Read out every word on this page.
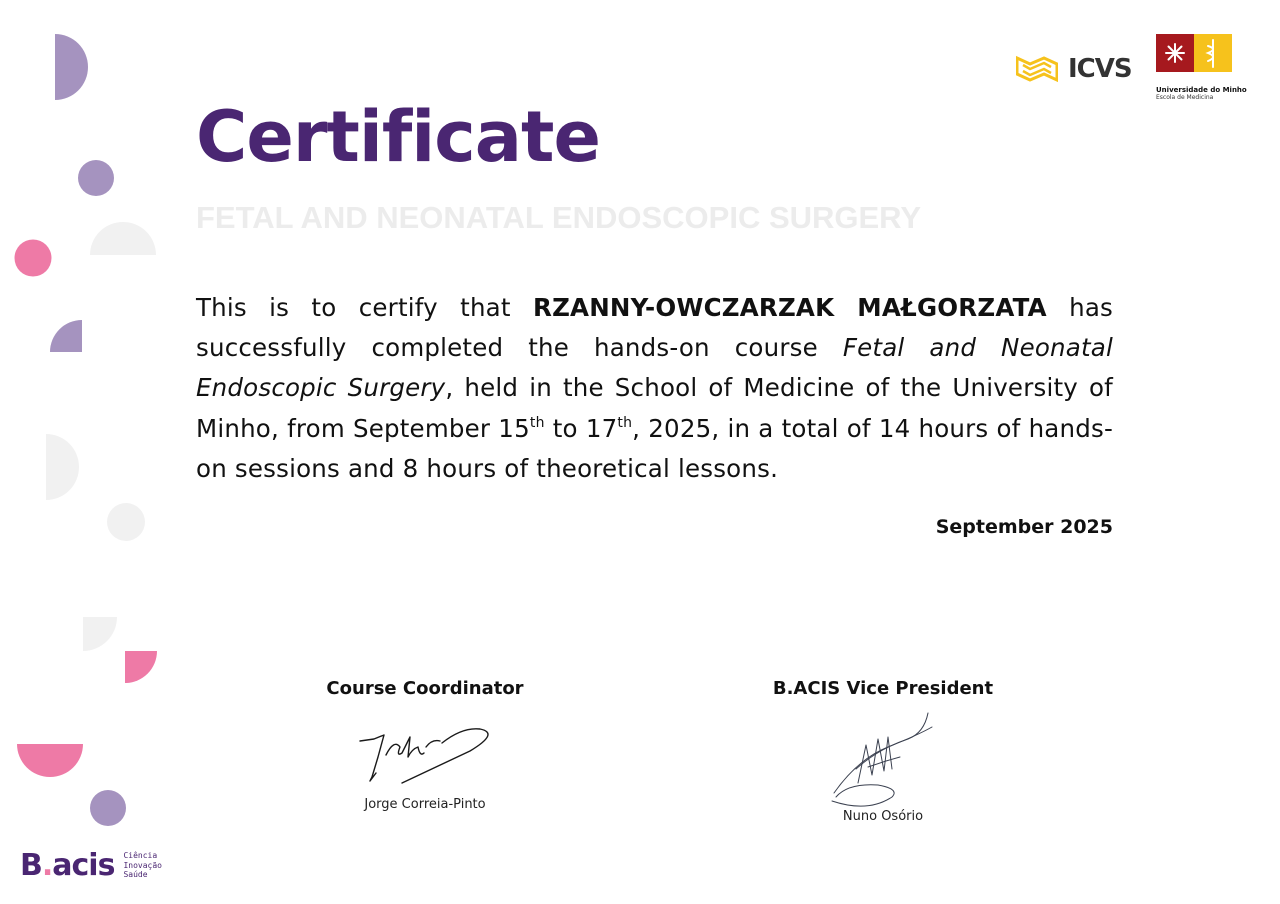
ICVS
Universidade do Minho
Escola de Medicina
Certificate
FETAL AND NEONATAL ENDOSCOPIC SURGERY

This is to certify that RZANNY-OWCZARZAK MAŁGORZATA has successfully completed the hands-on course Fetal and Neonatal Endoscopic Surgery, held in the School of Medicine of the University of Minho, from September 15th to 17th, 2025, in a total of 14 hours of hands-on sessions and 8 hours of theoretical lessons.

September 2025
Course Coordinator
Jorge Correia-Pinto
B.ACIS Vice President
Nuno Osório
B.acis Ciência
Inovação
Saúde
